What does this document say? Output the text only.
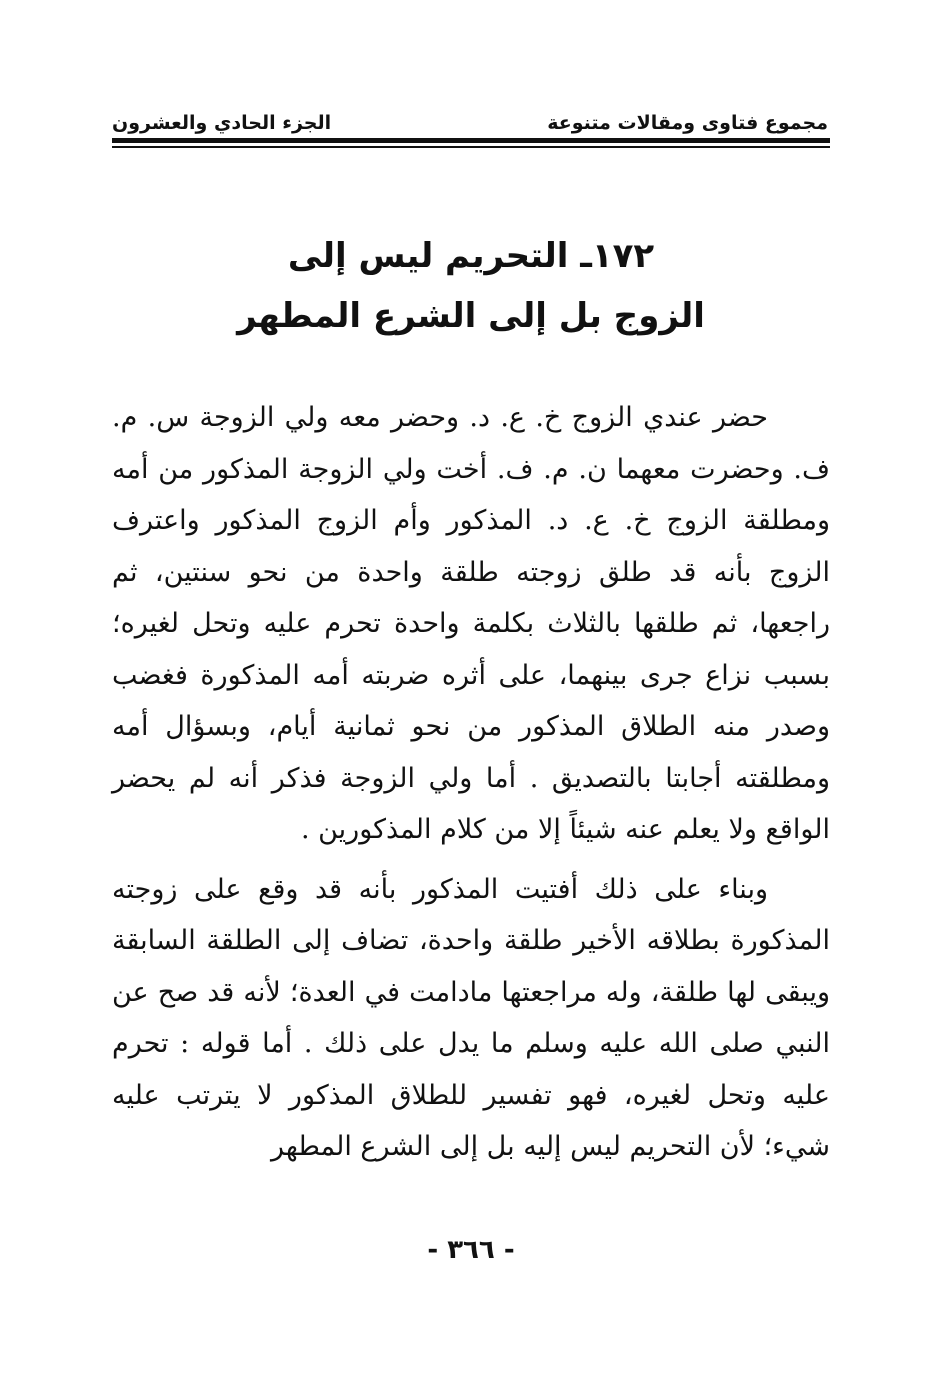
مجموع فتاوى ومقالات متنوعة
الجزء الحادي والعشرون
١٧٢ـ التحريم ليس إلى
الزوج بل إلى الشرع المطهر

حضر عندي الزوج خ. ع. د. وحضر معه ولي الزوجة س. م. ف. وحضرت معهما ن. م. ف. أخت ولي الزوجة المذكور من أمه ومطلقة الزوج خ. ع. د. المذكور وأم الزوج المذكور واعترف الزوج بأنه قد طلق زوجته طلقة واحدة من نحو سنتين، ثم راجعها، ثم طلقها بالثلاث بكلمة واحدة تحرم عليه وتحل لغيره؛ بسبب نزاع جرى بينهما، على أثره ضربته أمه المذكورة فغضب وصدر منه الطلاق المذكور من نحو ثمانية أيام، وبسؤال أمه ومطلقته أجابتا بالتصديق . أما ولي الزوجة فذكر أنه لم يحضر الواقع ولا يعلم عنه شيئاً إلا من كلام المذكورين .

وبناء على ذلك أفتيت المذكور بأنه قد وقع على زوجته المذكورة بطلاقه الأخير طلقة واحدة، تضاف إلى الطلقة السابقة ويبقى لها طلقة، وله مراجعتها مادامت في العدة؛ لأنه قد صح عن النبي صلى الله عليه وسلم ما يدل على ذلك . أما قوله : تحرم عليه وتحل لغيره، فهو تفسير للطلاق المذكور لا يترتب عليه شيء؛ لأن التحريم ليس إليه بل إلى الشرع المطهر

- ٣٦٦ -
